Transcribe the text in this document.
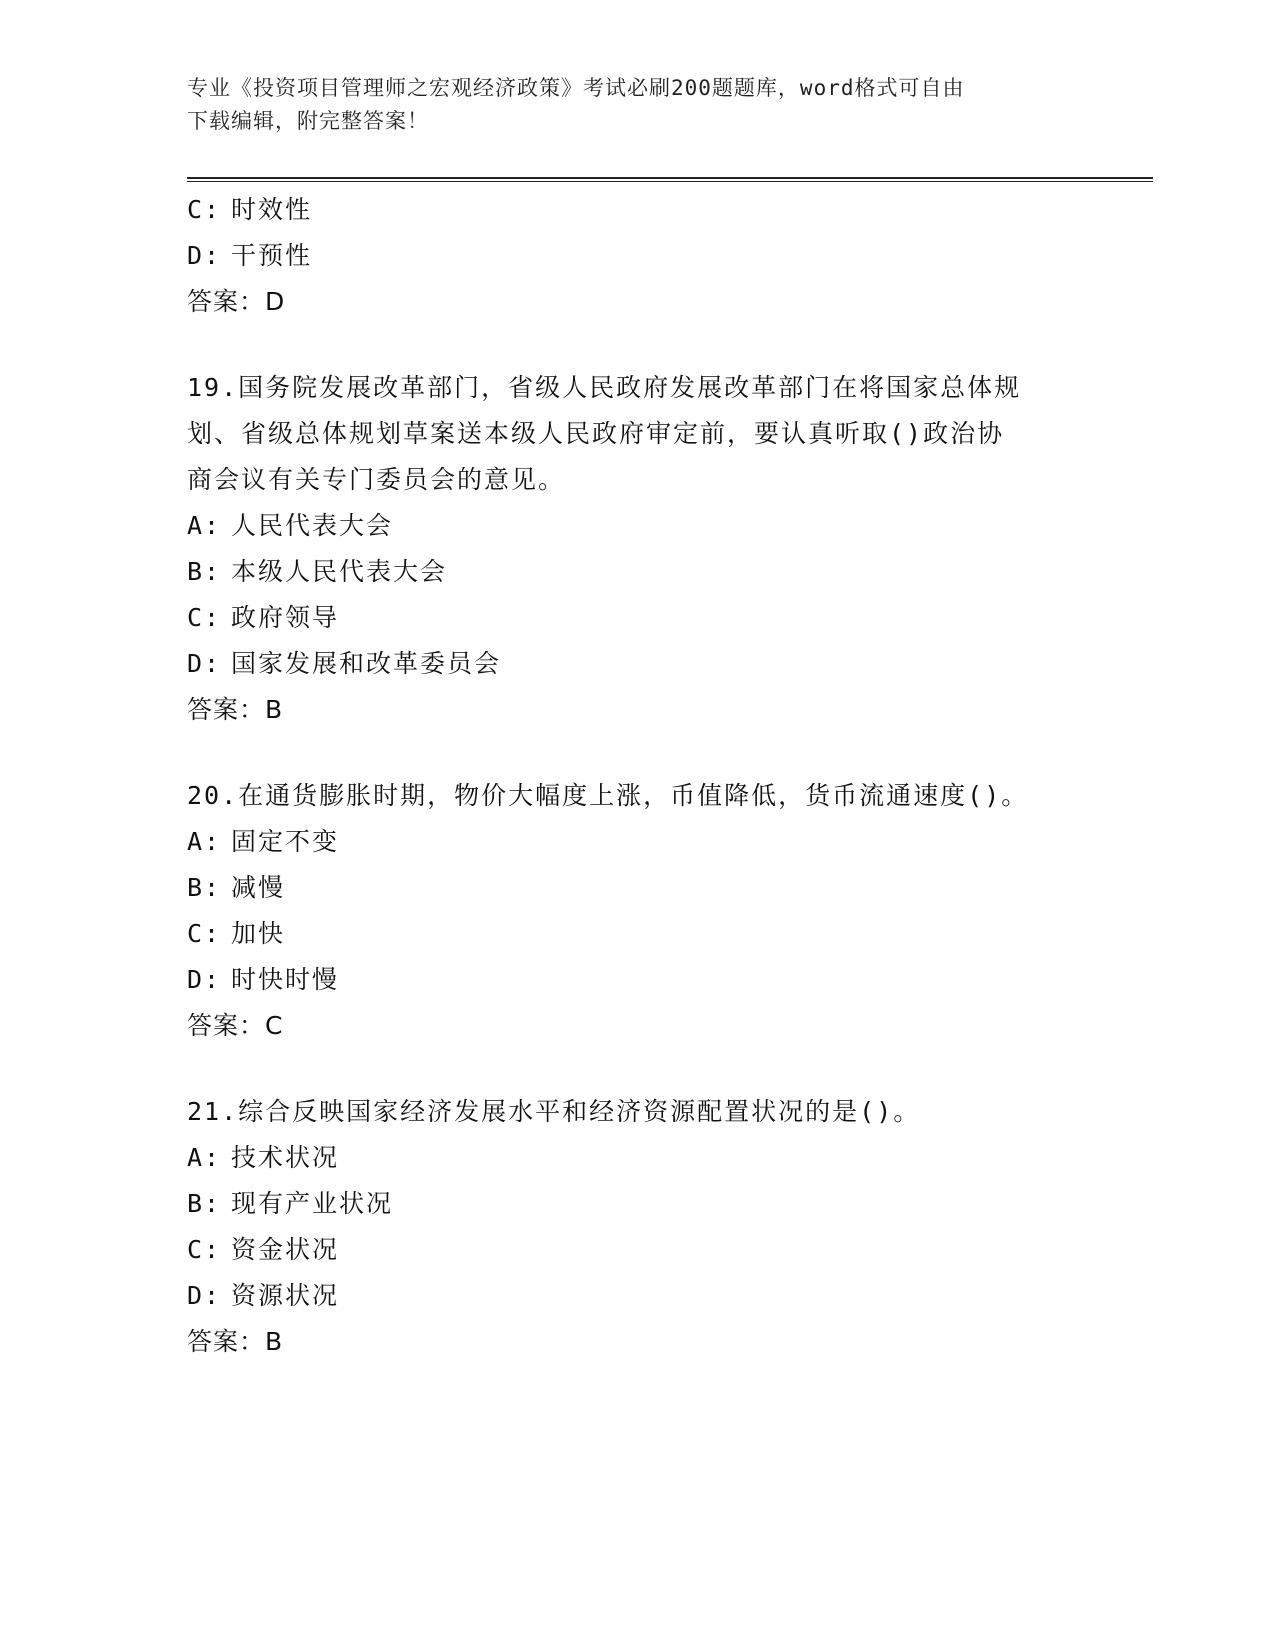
专业《投资项目管理师之宏观经济政策》考试必刷200题题库，word格式可自由
下载编辑，附完整答案！
C: 时效性
D: 干预性
答案：D
19.国务院发展改革部门，省级人民政府发展改革部门在将国家总体规
划、省级总体规划草案送本级人民政府审定前，要认真听取()政治协
商会议有关专门委员会的意见。
A: 人民代表大会
B: 本级人民代表大会
C: 政府领导
D: 国家发展和改革委员会
答案：B
20.在通货膨胀时期，物价大幅度上涨，币值降低，货币流通速度()。
A: 固定不变
B: 减慢
C: 加快
D: 时快时慢
答案：C
21.综合反映国家经济发展水平和经济资源配置状况的是()。
A: 技术状况
B: 现有产业状况
C: 资金状况
D: 资源状况
答案：B
